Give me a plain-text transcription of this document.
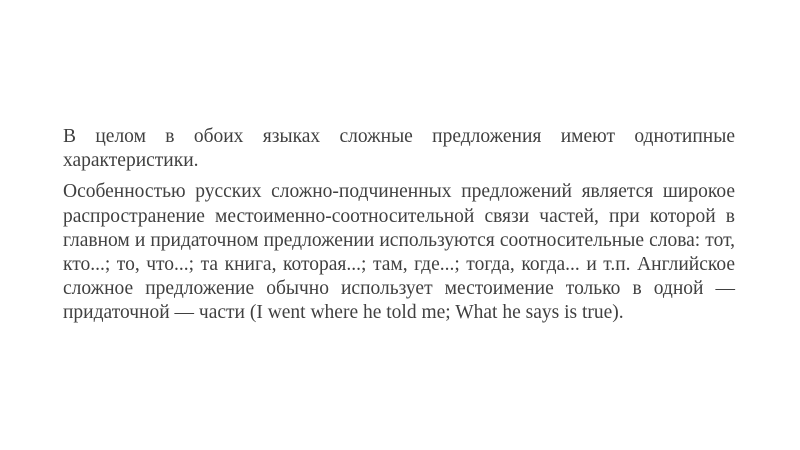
В целом в обоих языках сложные предложения имеют однотипные характеристики.

Особенностью русских сложно-подчиненных предложений является широкое распространение местоименно-соотносительной связи частей, при которой в главном и придаточном предложении используются соотносительные слова: тот, кто...; то, что...; та книга, которая...; там, где...; тогда, когда... и т.п. Английское сложное предложение обычно использует местоимение только в одной — придаточной — части (I went where he told me; What he says is true).
